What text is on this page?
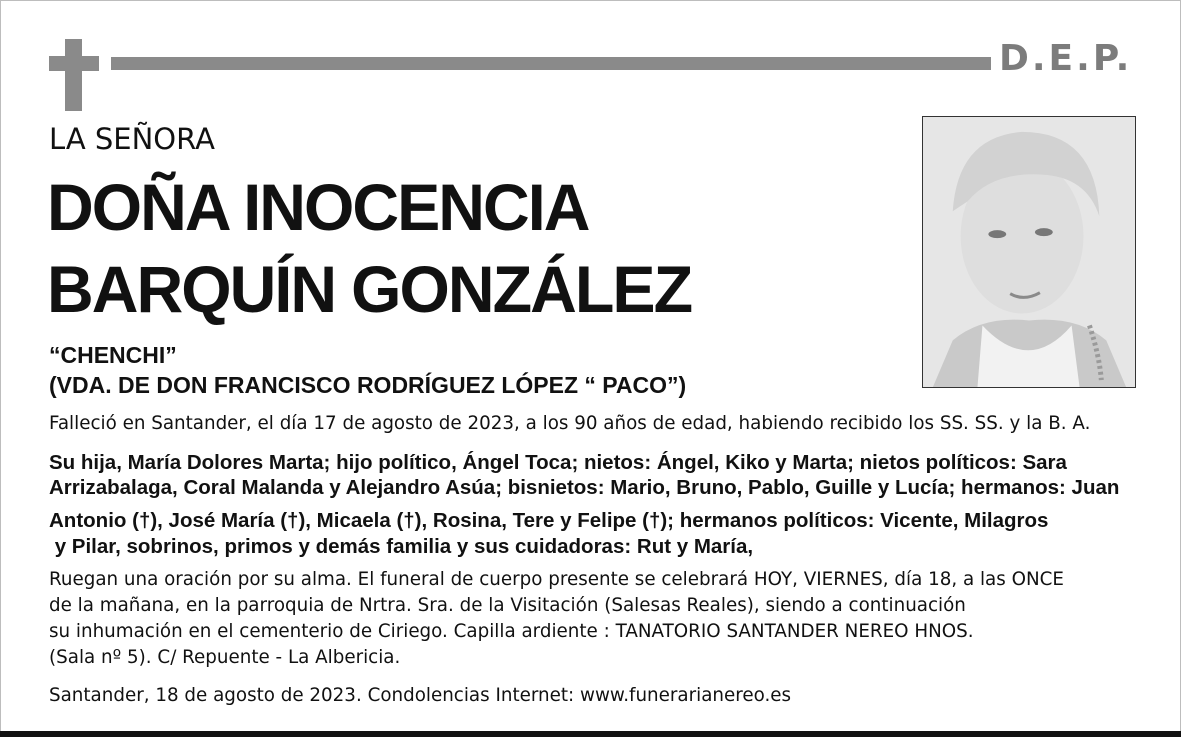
D.E.P.
LA SEÑORA
DOÑA INOCENCIA
BARQUÍN GONZÁLEZ
“CHENCHI”
(VDA. DE DON FRANCISCO RODRÍGUEZ LÓPEZ “ PACO”)
Falleció en Santander, el día 17 de agosto de 2023, a los 90 años de edad, habiendo recibido los SS. SS. y la B. A.
Su hija, María Dolores Marta; hijo político, Ángel Toca; nietos: Ángel, Kiko y Marta; nietos políticos: Sara
Arrizabalaga, Coral Malanda y Alejandro Asúa; bisnietos: Mario, Bruno, Pablo, Guille y Lucía; hermanos: Juan
Antonio (†), José María (†), Micaela (†), Rosina, Tere y Felipe (†); hermanos políticos: Vicente, Milagros
y Pilar, sobrinos, primos y demás familia y sus cuidadoras: Rut y María,
Ruegan una oración por su alma. El funeral de cuerpo presente se celebrará HOY, VIERNES, día 18, a las ONCE
de la mañana, en la parroquia de Nrtra. Sra. de la Visitación (Salesas Reales), siendo a continuación
su inhumación en el cementerio de Ciriego. Capilla ardiente : TANATORIO SANTANDER NEREO HNOS.
(Sala nº 5). C/ Repuente - La Albericia.
Santander, 18 de agosto de 2023. Condolencias Internet: www.funerarianereo.es
